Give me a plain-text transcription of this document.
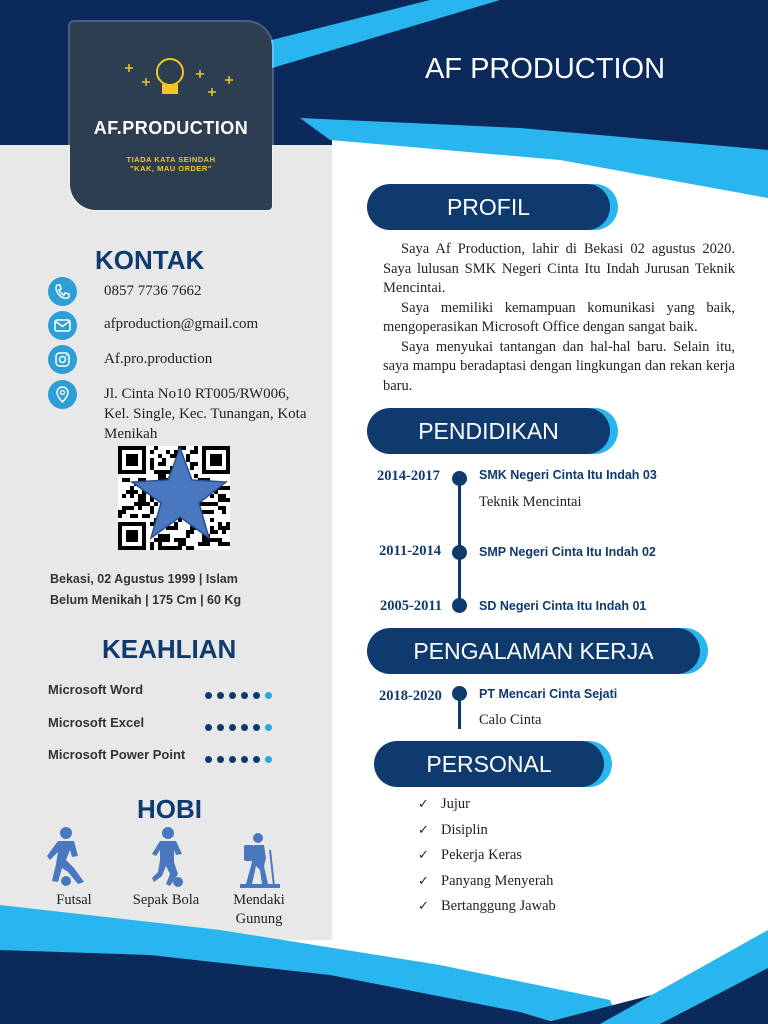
AF.PRODUCTION
TIADA KATA SEINDAH
"KAK, MAU ORDER"
AF PRODUCTION
KONTAK
0857 7736 7662
afproduction@gmail.com
Af.pro.production
Jl. Cinta No10 RT005/RW006,
Kel. Single, Kec. Tunangan, Kota
Menikah
Bekasi, 02 Agustus 1999 | Islam
Belum Menikah | 175 Cm | 60 Kg
KEAHLIAN
Microsoft Word
Microsoft Excel
Microsoft Power Point
HOBI
Futsal	Sepak Bola	Mendaki
Gunung
PROFIL

Saya Af Production, lahir di Bekasi 02 agustus 2020. Saya lulusan SMK Negeri Cinta Itu Indah Jurusan Teknik Mencintai.

Saya memiliki kemampuan komunikasi yang baik, mengoperasikan Microsoft Office dengan sangat baik.

Saya menyukai tantangan dan hal-hal baru. Selain itu, saya mampu beradaptasi dengan lingkungan dan rekan kerja baru.

PENDIDIKAN
2014-2017	SMK Negeri Cinta Itu Indah 03
Teknik Mencintai
2011-2014	SMP Negeri Cinta Itu Indah 02
2005-2011	SD Negeri Cinta Itu Indah 01
PENGALAMAN KERJA
2018-2020	PT Mencari Cinta Sejati
Calo Cinta
PERSONAL
✓ Jujur
✓ Disiplin
✓ Pekerja Keras
✓ Panyang Menyerah
✓ Bertanggung Jawab
